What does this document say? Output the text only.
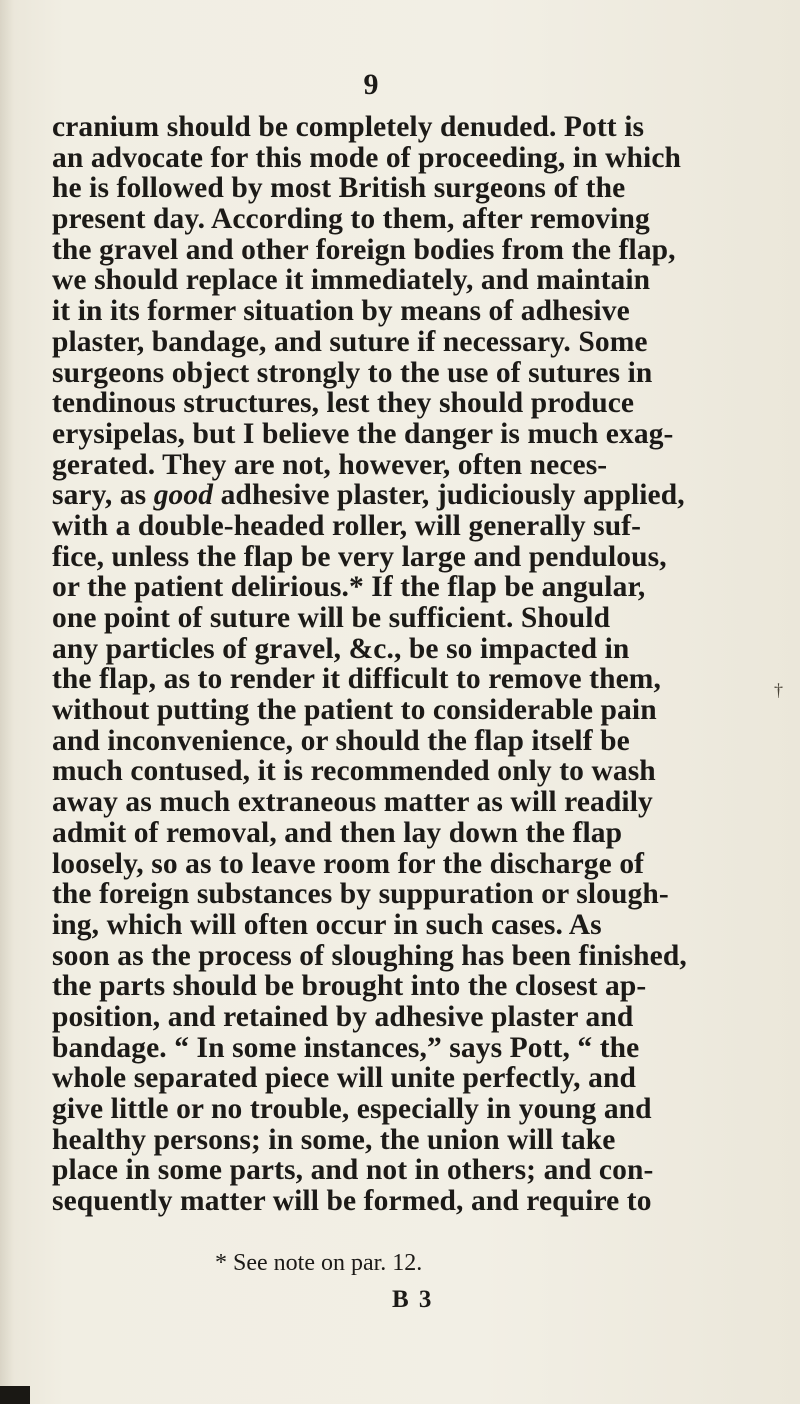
9
cranium should be completely denuded. Pott is
an advocate for this mode of proceeding, in which
he is followed by most British surgeons of the
present day. According to them, after removing
the gravel and other foreign bodies from the flap,
we should replace it immediately, and maintain
it in its former situation by means of adhesive
plaster, bandage, and suture if necessary. Some
surgeons object strongly to the use of sutures in
tendinous structures, lest they should produce
erysipelas, but I believe the danger is much exag-
gerated. They are not, however, often neces-
sary, as good adhesive plaster, judiciously applied,
with a double-headed roller, will generally suf-
fice, unless the flap be very large and pendulous,
or the patient delirious.* If the flap be angular,
one point of suture will be sufficient. Should
any particles of gravel, &c., be so impacted in
the flap, as to render it difficult to remove them,
without putting the patient to considerable pain
and inconvenience, or should the flap itself be
much contused, it is recommended only to wash
away as much extraneous matter as will readily
admit of removal, and then lay down the flap
loosely, so as to leave room for the discharge of
the foreign substances by suppuration or slough-
ing, which will often occur in such cases. As
soon as the process of sloughing has been finished,
the parts should be brought into the closest ap-
position, and retained by adhesive plaster and
bandage. “ In some instances,” says Pott, “ the
whole separated piece will unite perfectly, and
give little or no trouble, especially in young and
healthy persons; in some, the union will take
place in some parts, and not in others; and con-
sequently matter will be formed, and require to
†
* See note on par. 12.
B 3
